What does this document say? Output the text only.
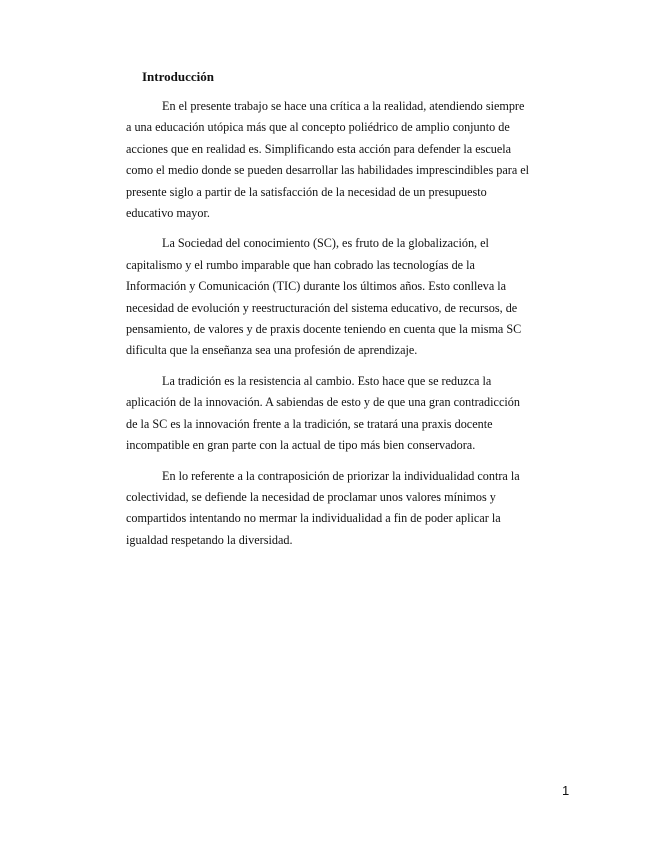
Introducción

En el presente trabajo se hace una crítica a la realidad, atendiendo siempre a una educación utópica más que al concepto poliédrico de amplio conjunto de acciones que en realidad es. Simplificando esta acción para defender la escuela como el medio donde se pueden desarrollar las habilidades imprescindibles para el presente siglo a partir de la satisfacción de la necesidad de un presupuesto educativo mayor.

La Sociedad del conocimiento (SC), es fruto de la globalización, el capitalismo y el rumbo imparable que han cobrado las tecnologías de la Información y Comunicación (TIC) durante los últimos años. Esto conlleva la necesidad de evolución y reestructuración del sistema educativo, de recursos, de pensamiento, de valores y de praxis docente teniendo en cuenta que la misma SC dificulta que la enseñanza sea una profesión de aprendizaje.

La tradición es la resistencia al cambio. Esto hace que se reduzca la aplicación de la innovación. A sabiendas de esto y de que una gran contradicción de la SC es la innovación frente a la tradición, se tratará una praxis docente incompatible en gran parte con la actual de tipo más bien conservadora.

En lo referente a la contraposición de priorizar la individualidad contra la colectividad, se defiende la necesidad de proclamar unos valores mínimos y compartidos intentando no mermar la individualidad a fin de poder aplicar la igualdad respetando la diversidad.

1
